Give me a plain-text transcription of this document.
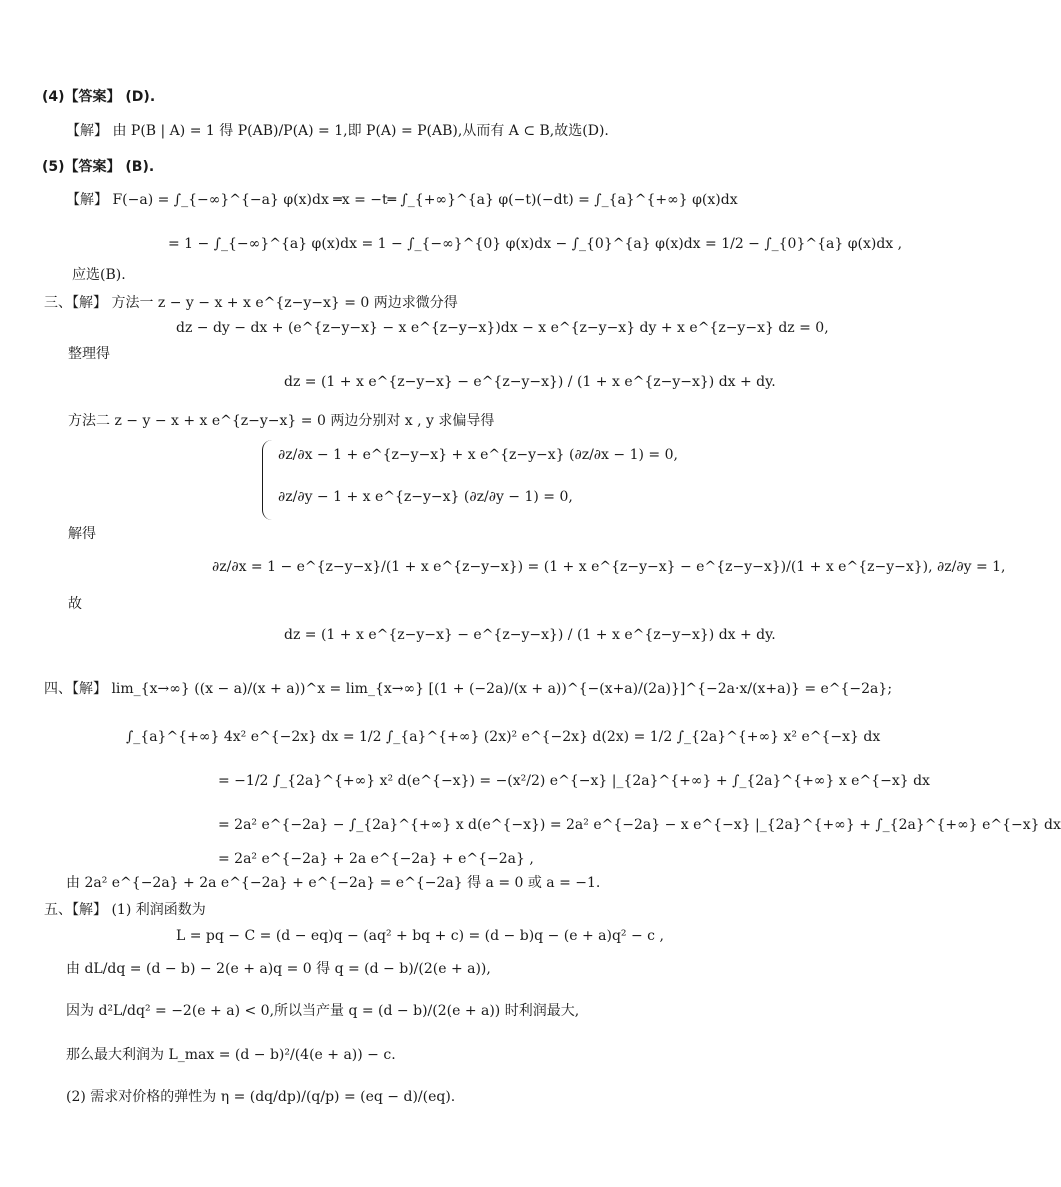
(4)【答案】 (D).
【解】 由 P(B | A) = 1 得 P(AB)/P(A) = 1,即 P(A) = P(AB),从而有 A ⊂ B,故选(D).
(5)【答案】 (B).
【解】 F(−a) = ∫_{−∞}^{−a} φ(x)dx ═x = −t═ ∫_{+∞}^{a} φ(−t)(−dt) = ∫_{a}^{+∞} φ(x)dx
= 1 − ∫_{−∞}^{a} φ(x)dx = 1 − ∫_{−∞}^{0} φ(x)dx − ∫_{0}^{a} φ(x)dx = 1/2 − ∫_{0}^{a} φ(x)dx ,
应选(B).
三、【解】 方法一 z − y − x + x e^{z−y−x} = 0 两边求微分得
dz − dy − dx + (e^{z−y−x} − x e^{z−y−x})dx − x e^{z−y−x} dy + x e^{z−y−x} dz = 0,
整理得
dz = (1 + x e^{z−y−x} − e^{z−y−x}) / (1 + x e^{z−y−x}) dx + dy.
方法二 z − y − x + x e^{z−y−x} = 0 两边分别对 x , y 求偏导得
∂z/∂x − 1 + e^{z−y−x} + x e^{z−y−x} (∂z/∂x − 1) = 0,
∂z/∂y − 1 + x e^{z−y−x} (∂z/∂y − 1) = 0,
解得
∂z/∂x = 1 − e^{z−y−x}/(1 + x e^{z−y−x}) = (1 + x e^{z−y−x} − e^{z−y−x})/(1 + x e^{z−y−x}), ∂z/∂y = 1,
故
dz = (1 + x e^{z−y−x} − e^{z−y−x}) / (1 + x e^{z−y−x}) dx + dy.
四、【解】 lim_{x→∞} ((x − a)/(x + a))^x = lim_{x→∞} [(1 + (−2a)/(x + a))^{−(x+a)/(2a)}]^{−2a·x/(x+a)} = e^{−2a};
∫_{a}^{+∞} 4x² e^{−2x} dx = 1/2 ∫_{a}^{+∞} (2x)² e^{−2x} d(2x) = 1/2 ∫_{2a}^{+∞} x² e^{−x} dx
= −1/2 ∫_{2a}^{+∞} x² d(e^{−x}) = −(x²/2) e^{−x} |_{2a}^{+∞} + ∫_{2a}^{+∞} x e^{−x} dx
= 2a² e^{−2a} − ∫_{2a}^{+∞} x d(e^{−x}) = 2a² e^{−2a} − x e^{−x} |_{2a}^{+∞} + ∫_{2a}^{+∞} e^{−x} dx
= 2a² e^{−2a} + 2a e^{−2a} + e^{−2a} ,
由 2a² e^{−2a} + 2a e^{−2a} + e^{−2a} = e^{−2a} 得 a = 0 或 a = −1.
五、【解】 (1) 利润函数为
L = pq − C = (d − eq)q − (aq² + bq + c) = (d − b)q − (e + a)q² − c ,
由 dL/dq = (d − b) − 2(e + a)q = 0 得 q = (d − b)/(2(e + a)),
因为 d²L/dq² = −2(e + a) < 0,所以当产量 q = (d − b)/(2(e + a)) 时利润最大,
那么最大利润为 L_max = (d − b)²/(4(e + a)) − c.
(2) 需求对价格的弹性为 η = (dq/dp)/(q/p) = (eq − d)/(eq).
